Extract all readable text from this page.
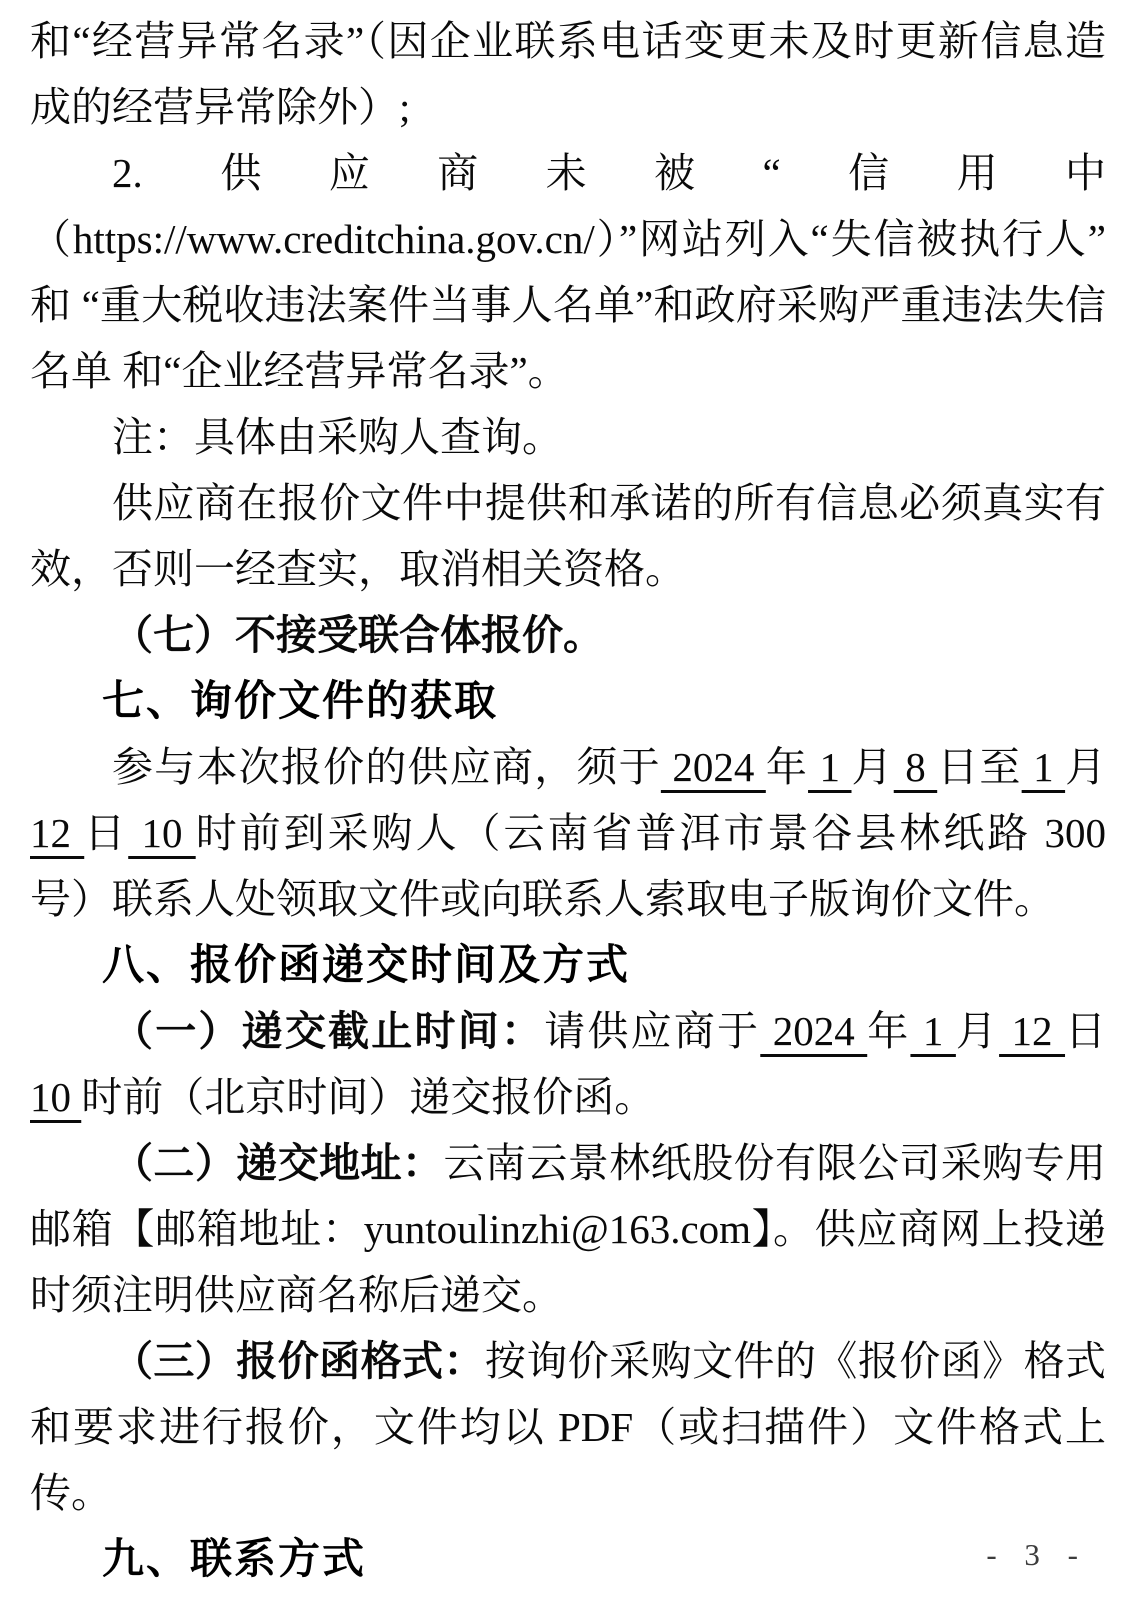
和“经营异常名录”（因企业联系电话变更未及时更新信息造成的经营异常除外）;

2. 供应商未被“信用中（https://www.creditchina.gov.cn/）”网站列入“失信被执行人” 和 “重大税收违法案件当事人名单”和政府采购严重违法失信名单 和“企业经营异常名录”。

注：具体由采购人查询。

供应商在报价文件中提供和承诺的所有信息必须真实有效，否则一经查实，取消相关资格。

（七）不接受联合体报价。

七、询价文件的获取

参与本次报价的供应商，须于 2024 年 1 月 8 日至 1 月 12 日 10 时前到采购人（云南省普洱市景谷县林纸路 300 号）联系人处领取文件或向联系人索取电子版询价文件。

八、报价函递交时间及方式

（一）递交截止时间：请供应商于 2024 年 1 月 12 日 10 时前（北京时间）递交报价函。

（二）递交地址：云南云景林纸股份有限公司采购专用邮箱【邮箱地址：yuntoulinzhi@163.com】。供应商网上投递时须注明供应商名称后递交。

（三）报价函格式：按询价采购文件的《报价函》格式和要求进行报价，文件均以 PDF（或扫描件）文件格式上传。

九、联系方式	- 3 -
